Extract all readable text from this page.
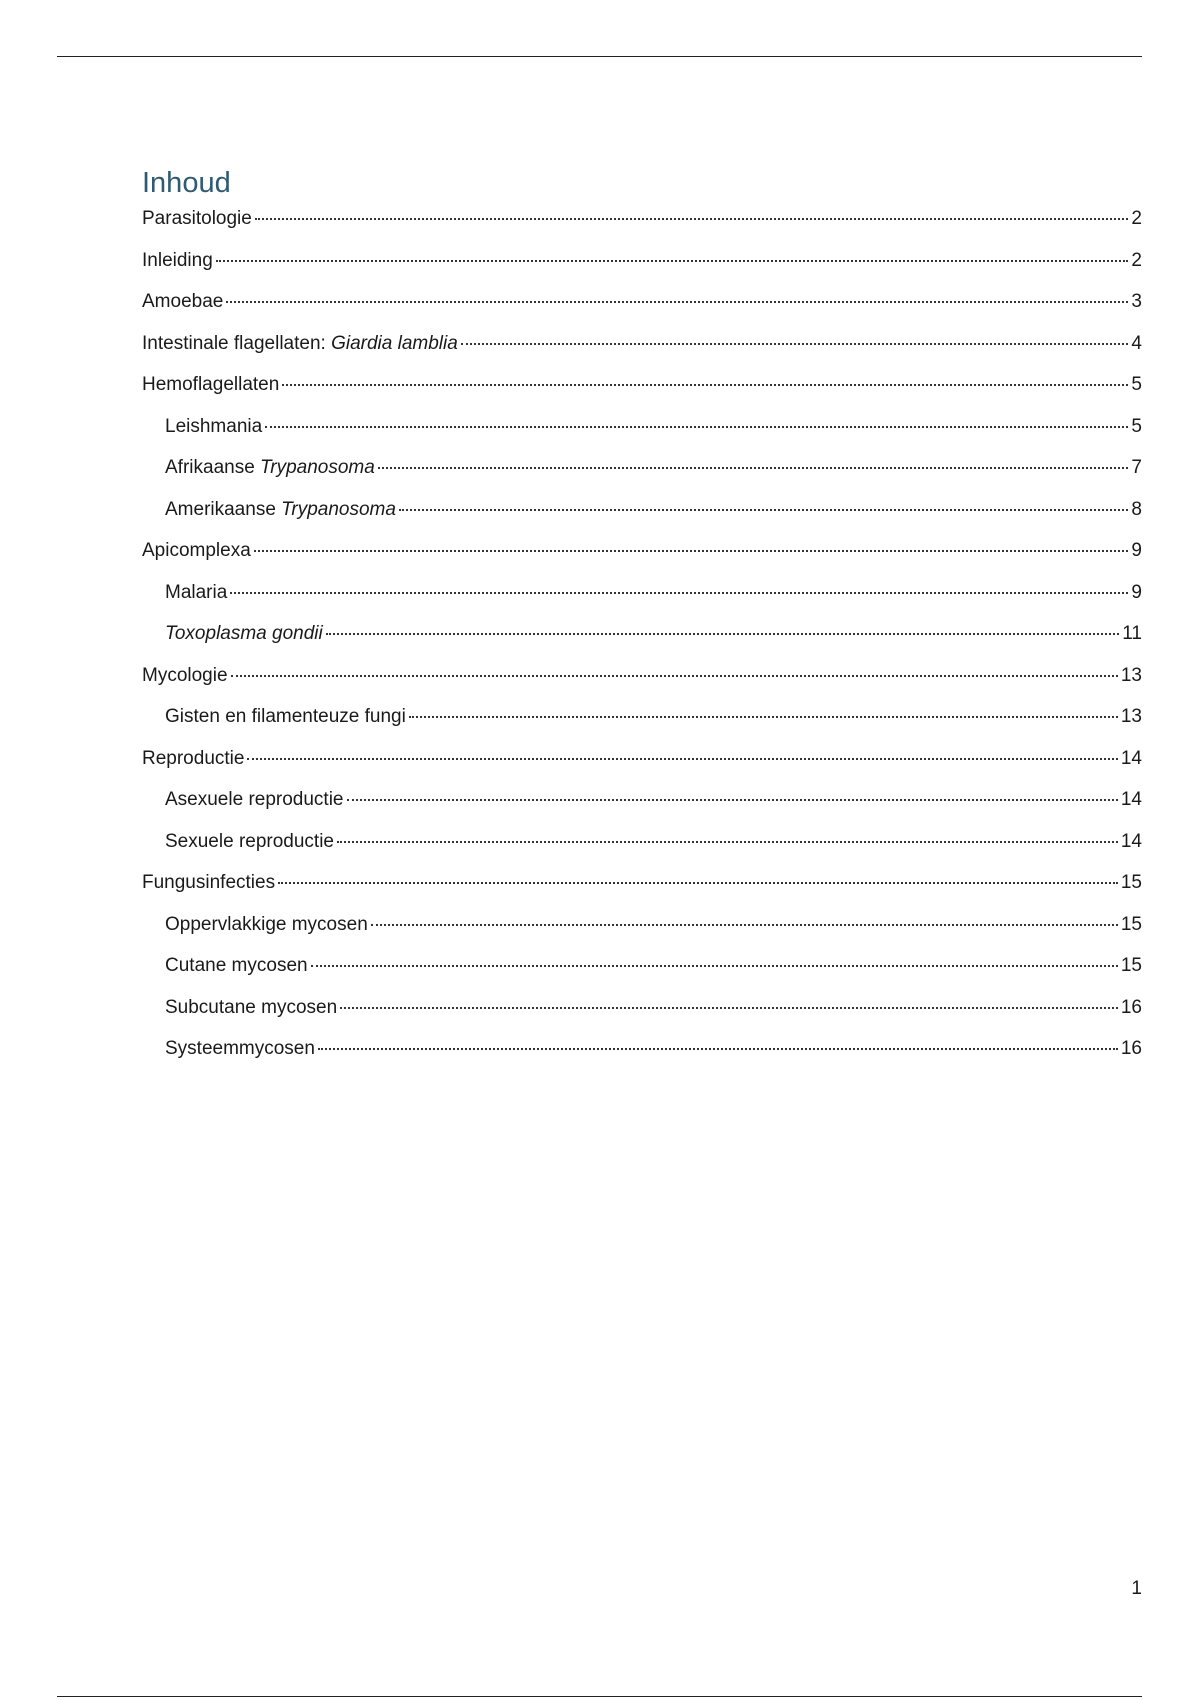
Inhoud
Parasitologie	2
Inleiding	2
Amoebae	3
Intestinale flagellaten: Giardia lamblia	4
Hemoflagellaten	5
Leishmania	5
Afrikaanse Trypanosoma	7
Amerikaanse Trypanosoma	8
Apicomplexa	9
Malaria	9
Toxoplasma gondii	11
Mycologie	13
Gisten en filamenteuze fungi	13
Reproductie	14
Asexuele reproductie	14
Sexuele reproductie	14
Fungusinfecties	15
Oppervlakkige mycosen	15
Cutane mycosen	15
Subcutane mycosen	16
Systeemmycosen	16
1
